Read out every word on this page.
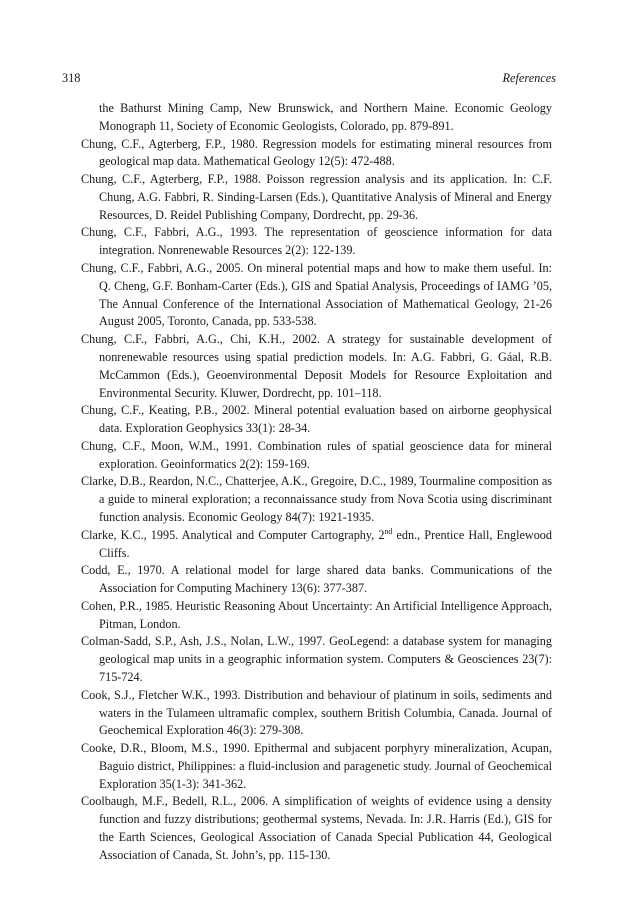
318	References
the Bathurst Mining Camp, New Brunswick, and Northern Maine. Economic Geology Monograph 11, Society of Economic Geologists, Colorado, pp. 879-891.
Chung, C.F., Agterberg, F.P., 1980. Regression models for estimating mineral resources from geological map data. Mathematical Geology 12(5): 472-488.
Chung, C.F., Agterberg, F.P., 1988. Poisson regression analysis and its application. In: C.F. Chung, A.G. Fabbri, R. Sinding-Larsen (Eds.), Quantitative Analysis of Mineral and Energy Resources, D. Reidel Publishing Company, Dordrecht, pp. 29-36.
Chung, C.F., Fabbri, A.G., 1993. The representation of geoscience information for data integration. Nonrenewable Resources 2(2): 122-139.
Chung, C.F., Fabbri, A.G., 2005. On mineral potential maps and how to make them useful. In: Q. Cheng, G.F. Bonham-Carter (Eds.), GIS and Spatial Analysis, Proceedings of IAMG ’05, The Annual Conference of the International Association of Mathematical Geology, 21-26 August 2005, Toronto, Canada, pp. 533-538.
Chung, C.F., Fabbri, A.G., Chi, K.H., 2002. A strategy for sustainable development of nonrenewable resources using spatial prediction models. In: A.G. Fabbri, G. Gáal, R.B. McCammon (Eds.), Geoenvironmental Deposit Models for Resource Exploitation and Environmental Security. Kluwer, Dordrecht, pp. 101–118.
Chung, C.F., Keating, P.B., 2002. Mineral potential evaluation based on airborne geophysical data. Exploration Geophysics 33(1): 28-34.
Chung, C.F., Moon, W.M., 1991. Combination rules of spatial geoscience data for mineral exploration. Geoinformatics 2(2): 159-169.
Clarke, D.B., Reardon, N.C., Chatterjee, A.K., Gregoire, D.C., 1989, Tourmaline composition as a guide to mineral exploration; a reconnaissance study from Nova Scotia using discriminant function analysis. Economic Geology 84(7): 1921-1935.
Clarke, K.C., 1995. Analytical and Computer Cartography, 2nd edn., Prentice Hall, Englewood Cliffs.
Codd, E., 1970. A relational model for large shared data banks. Communications of the Association for Computing Machinery 13(6): 377-387.
Cohen, P.R., 1985. Heuristic Reasoning About Uncertainty: An Artificial Intelligence Approach, Pitman, London.
Colman-Sadd, S.P., Ash, J.S., Nolan, L.W., 1997. GeoLegend: a database system for managing geological map units in a geographic information system. Computers & Geosciences 23(7): 715-724.
Cook, S.J., Fletcher W.K., 1993. Distribution and behaviour of platinum in soils, sediments and waters in the Tulameen ultramafic complex, southern British Columbia, Canada. Journal of Geochemical Exploration 46(3): 279-308.
Cooke, D.R., Bloom, M.S., 1990. Epithermal and subjacent porphyry mineralization, Acupan, Baguio district, Philippines: a fluid-inclusion and paragenetic study. Journal of Geochemical Exploration 35(1-3): 341-362.
Coolbaugh, M.F., Bedell, R.L., 2006. A simplification of weights of evidence using a density function and fuzzy distributions; geothermal systems, Nevada. In: J.R. Harris (Ed.), GIS for the Earth Sciences, Geological Association of Canada Special Publication 44, Geological Association of Canada, St. John’s, pp. 115-130.
